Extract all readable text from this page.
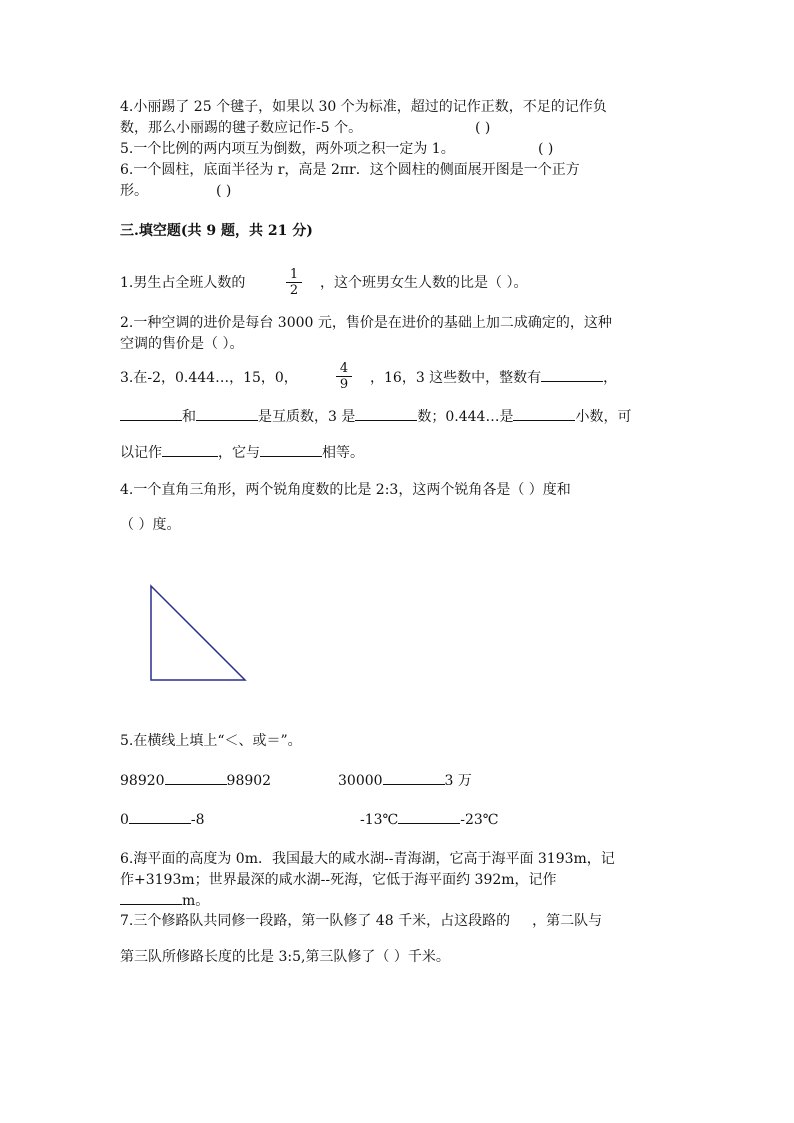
4.小丽踢了 25 个毽子，如果以 30 个为标准，超过的记作正数，不足的记作负
数，那么小丽踢的毽子数应记作-5 个。	( )
5.一个比例的两内项互为倒数，两外项之积一定为 1。	( )
6.一个圆柱，底面半径为 r，高是 2πr．这个圆柱的侧面展开图是一个正方
形。	( )
三.填空题(共 9 题，共 21 分)
1.男生占全班人数的	，这个班男女生人数的比是（ ）。
$\frac{1}{2}$
2.一种空调的进价是每台 3000 元，售价是在进价的基础上加二成确定的，这种
空调的售价是（ ）。
3.在-2，0.444…，15，0，	，16，3 这些数中，整数有	，
$\frac{4}{9}$
和	是互质数，3 是	数；0.444…是	小数，可
以记作	，它与	相等。
4.一个直角三角形，两个锐角度数的比是 2:3，这两个锐角各是（ ）度和
（ ）度。
5.在横线上填上“＜、或＝”。
98920	98902	30000	3 万
0	-8	-13℃	-23℃
6.海平面的高度为 0m．我国最大的咸水湖--青海湖，它高于海平面 3193m，记
作+3193m；世界最深的咸水湖--死海，它低于海平面约 392m，记作
m。
7.三个修路队共同修一段路，第一队修了 48 千米，占这段路的 ，第二队与
第三队所修路长度的比是 3:5,第三队修了（ ）千米。
